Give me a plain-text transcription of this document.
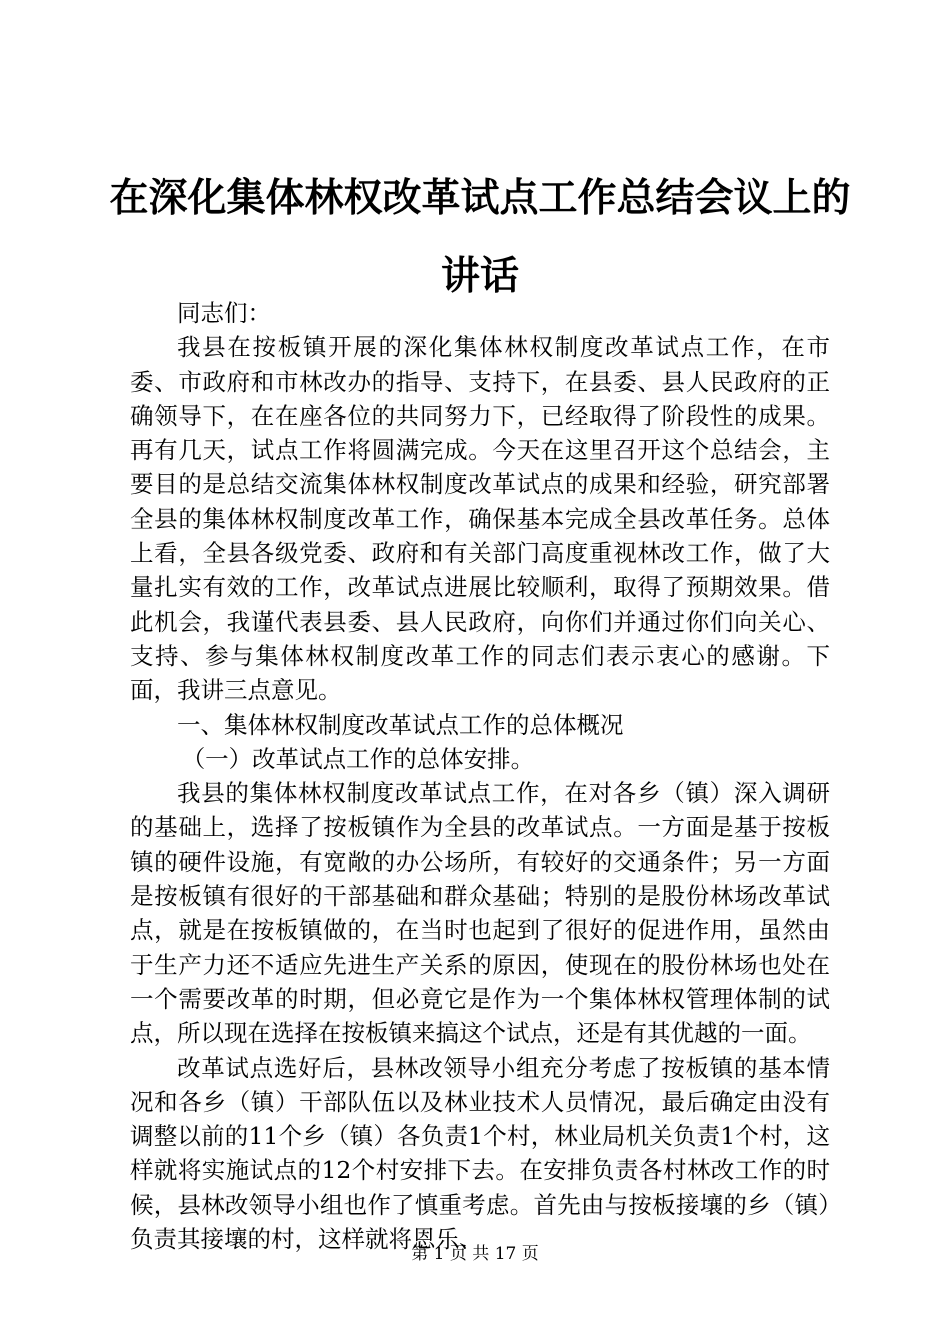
在深化集体林权改革试点工作总结会议上的讲话

同志们：

我县在按板镇开展的深化集体林权制度改革试点工作，在市委、市政府和市林改办的指导、支持下，在县委、县人民政府的正确领导下，在在座各位的共同努力下，已经取得了阶段性的成果。再有几天，试点工作将圆满完成。今天在这里召开这个总结会，主要目的是总结交流集体林权制度改革试点的成果和经验，研究部署全县的集体林权制度改革工作，确保基本完成全县改革任务。总体上看，全县各级党委、政府和有关部门高度重视林改工作，做了大量扎实有效的工作，改革试点进展比较顺利，取得了预期效果。借此机会，我谨代表县委、县人民政府，向你们并通过你们向关心、支持、参与集体林权制度改革工作的同志们表示衷心的感谢。下面，我讲三点意见。

一、集体林权制度改革试点工作的总体概况

（一）改革试点工作的总体安排。

我县的集体林权制度改革试点工作，在对各乡（镇）深入调研的基础上，选择了按板镇作为全县的改革试点。一方面是基于按板镇的硬件设施，有宽敞的办公场所，有较好的交通条件；另一方面是按板镇有很好的干部基础和群众基础；特别的是股份林场改革试点，就是在按板镇做的，在当时也起到了很好的促进作用，虽然由于生产力还不适应先进生产关系的原因，使现在的股份林场也处在一个需要改革的时期，但必竟它是作为一个集体林权管理体制的试点，所以现在选择在按板镇来搞这个试点，还是有其优越的一面。

改革试点选好后，县林改领导小组充分考虑了按板镇的基本情况和各乡（镇）干部队伍以及林业技术人员情况，最后确定由没有调整以前的11个乡（镇）各负责1个村，林业局机关负责1个村，这样就将实施试点的12个村安排下去。在安排负责各村林改工作的时候，县林改领导小组也作了慎重考虑。首先由与按板接壤的乡（镇）负责其接壤的村，这样就将恩乐、

第 1 页 共 17 页
